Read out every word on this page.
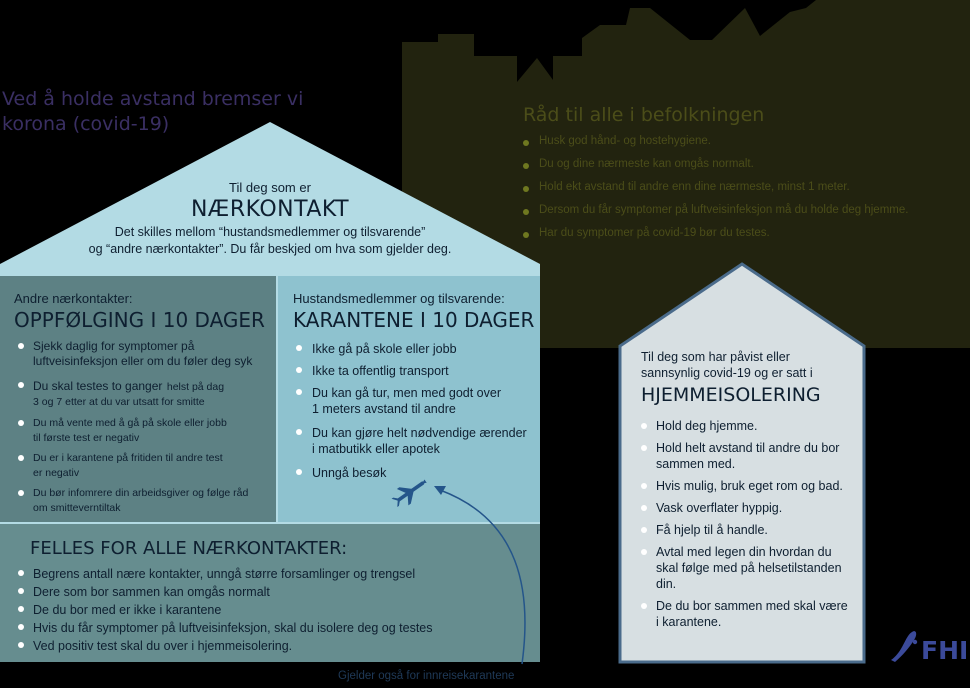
Ved å holde avstand bremser vi

korona (covid-19)	Råd til alle i befolkningen

Husk god hånd- og hostehygiene.
Du og dine nærmeste kan omgås normalt.
Hold ekt avstand til andre enn dine nærmeste, minst 1 meter.
Dersom du får symptomer på luftveisinfeksjon må du holde deg hjemme.
Har du symptomer på covid-19 bør du testes.

Til deg som er

NÆRKONTAKT

Det skilles mellom “hustandsmedlemmer og tilsvarende”

og “andre nærkontakter”. Du får beskjed om hva som gjelder deg.

Andre nærkontakter:

OPPFØLGING I 10 DAGER

Sjekk daglig for symptomer på
luftveisinfeksjon eller om du føler deg syk
Du skal testes to ganger helst på dag
3 og 7 etter at du var utsatt for smitte
Du må vente med å gå på skole eller jobb
til første test er negativ
Du er i karantene på fritiden til andre test
er negativ
Du bør infomrere din arbeidsgiver og følge råd
om smitteverntiltak

Hustandsmedlemmer og tilsvarende:

KARANTENE I 10 DAGER

Ikke gå på skole eller jobb
Ikke ta offentlig transport
Du kan gå tur, men med godt over
1 meters avstand til andre
Du kan gjøre helt nødvendige ærender
i matbutikk eller apotek
Unngå besøk

FELLES FOR ALLE NÆRKONTAKTER:

Begrens antall nære kontakter, unngå større forsamlinger og trengsel
Dere som bor sammen kan omgås normalt
De du bor med er ikke i karantene
Hvis du får symptomer på luftveisinfeksjon, skal du isolere deg og testes
Ved positiv test skal du over i hjemmeisolering.

Gjelder også for innreisekarantene

Til deg som har påvist eller

sannsynlig covid-19 og er satt i

HJEMMEISOLERING

Hold deg hjemme.
Hold helt avstand til andre du bor
sammen med.
Hvis mulig, bruk eget rom og bad.
Vask overflater hyppig.
Få hjelp til å handle.
Avtal med legen din hvordan du
skal følge med på helsetilstanden
din.
De du bor sammen med skal være
i karantene.

FHI
